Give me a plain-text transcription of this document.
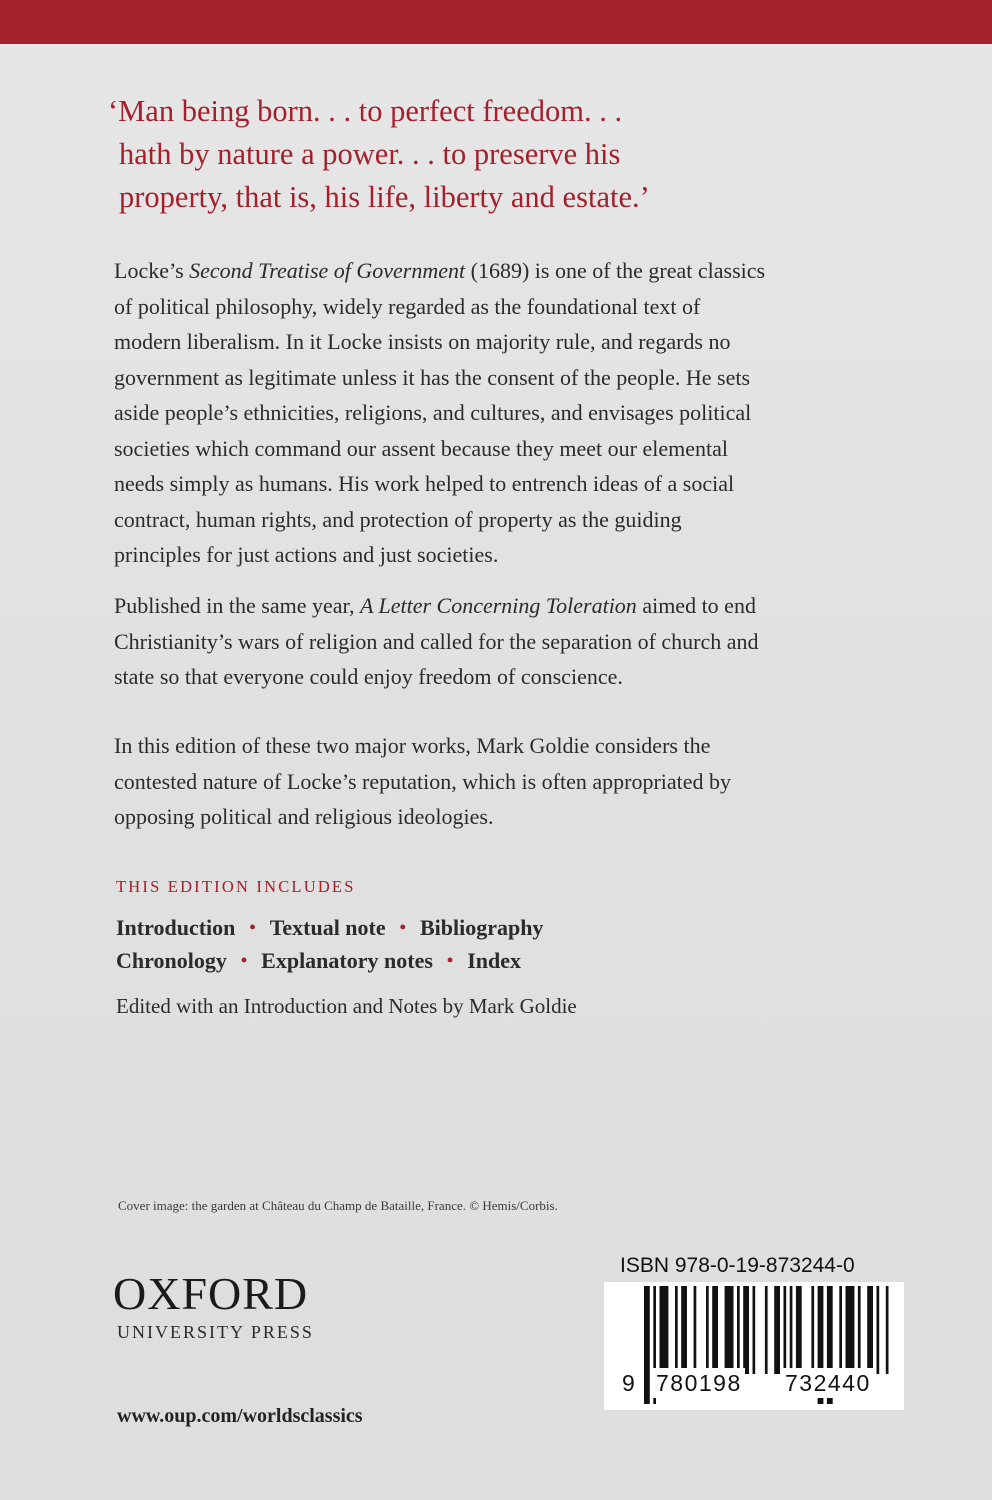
‘Man being born. . . to perfect freedom. . .
hath by nature a power. . . to preserve his
property, that is, his life, liberty and estate.’

Locke’s Second Treatise of Government (1689) is one of the great classics
of political philosophy, widely regarded as the foundational text of
modern liberalism. In it Locke insists on majority rule, and regards no
government as legitimate unless it has the consent of the people. He sets
aside people’s ethnicities, religions, and cultures, and envisages political
societies which command our assent because they meet our elemental
needs simply as humans. His work helped to entrench ideas of a social
contract, human rights, and protection of property as the guiding
principles for just actions and just societies.

Published in the same year, A Letter Concerning Toleration aimed to end
Christianity’s wars of religion and called for the separation of church and
state so that everyone could enjoy freedom of conscience.

In this edition of these two major works, Mark Goldie considers the
contested nature of Locke’s reputation, which is often appropriated by
opposing political and religious ideologies.

THIS EDITION INCLUDES

Introduction • Textual note • Bibliography
Chronology • Explanatory notes • Index

Edited with an Introduction and Notes by Mark Goldie

Cover image: the garden at Château du Champ de Bataille, France. © Hemis/Corbis.

OXFORD
UNIVERSITY PRESS
www.oup.com/worldsclassics
ISBN 978-0-19-873244-0
9 780198 732440
